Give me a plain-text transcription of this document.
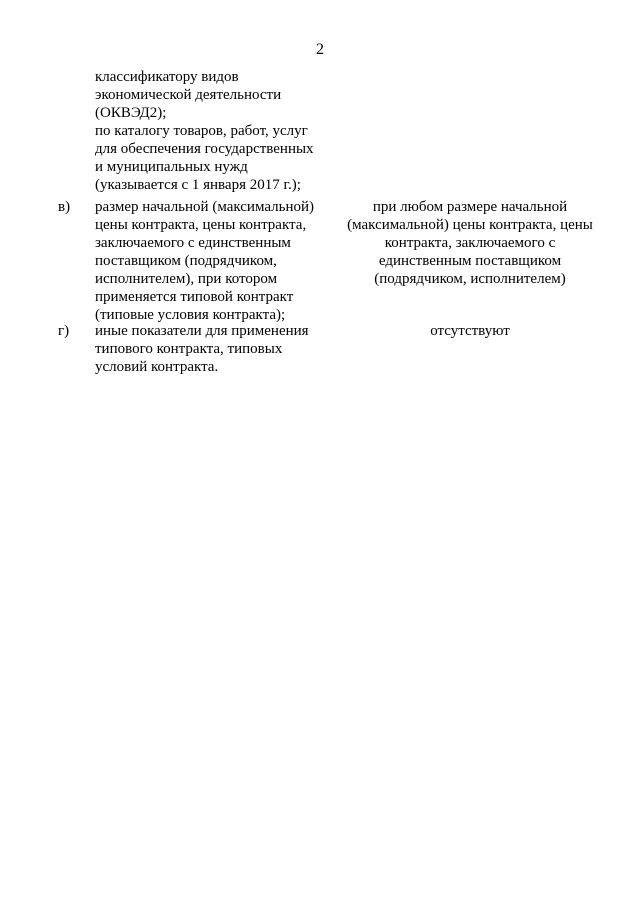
2
классификатору видов
экономической деятельности
(ОКВЭД2);
по каталогу товаров, работ, услуг
для обеспечения государственных
и муниципальных нужд
(указывается с 1 января 2017 г.);
в) размер начальной (максимальной)
цены контракта, цены контракта,
заключаемого с единственным
поставщиком (подрядчиком,
исполнителем), при котором
применяется типовой контракт
(типовые условия контракта);
при любом размере начальной
(максимальной) цены контракта, цены
контракта, заключаемого с
единственным поставщиком
(подрядчиком, исполнителем)
г) иные показатели для применения
типового контракта, типовых
условий контракта.
отсутствуют
